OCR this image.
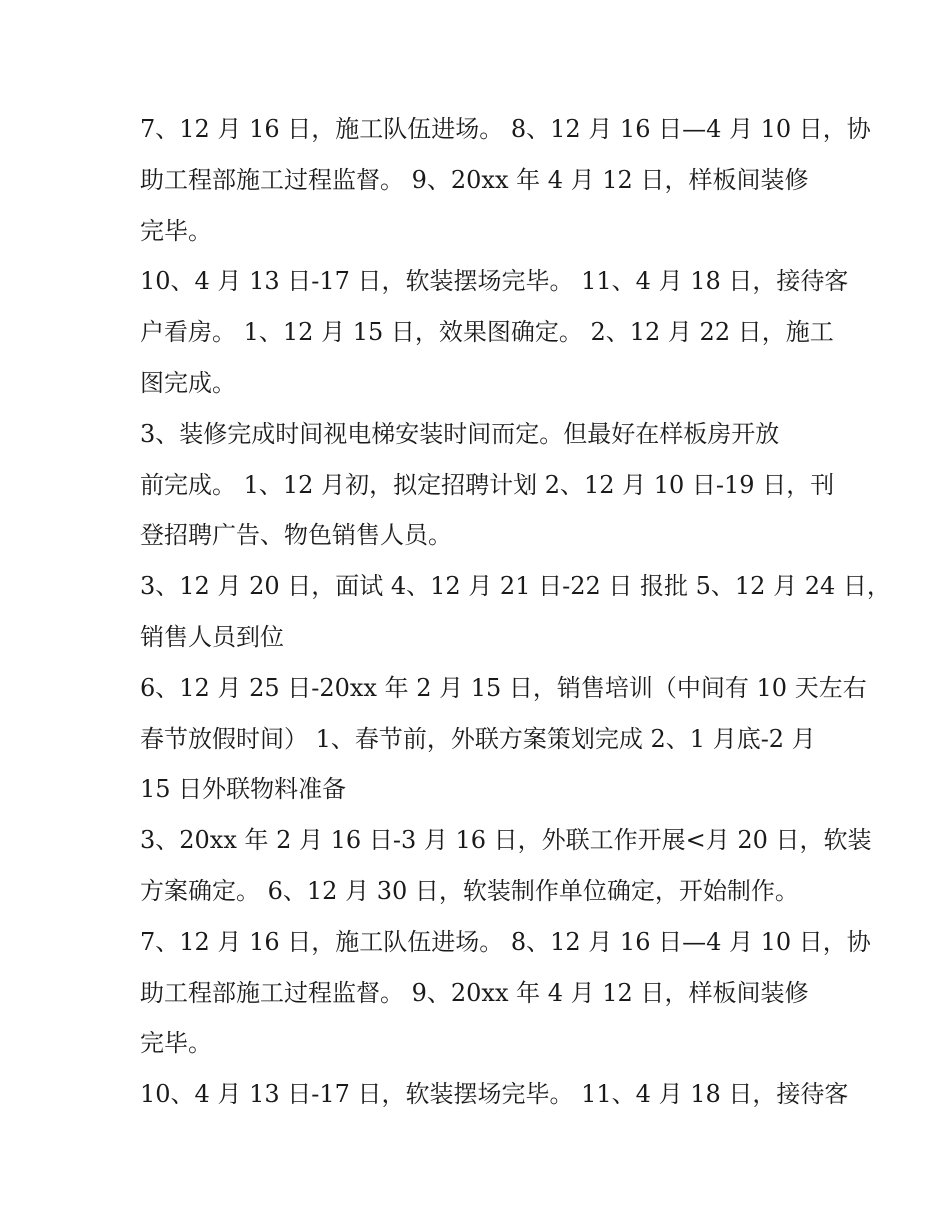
7、12 月 16 日，施工队伍进场。 8、12 月 16 日—4 月 10 日，协
助工程部施工过程监督。 9、20xx 年 4 月 12 日，样板间装修
完毕。
10、4 月 13 日-17 日，软装摆场完毕。 11、4 月 18 日，接待客
户看房。 1、12 月 15 日，效果图确定。 2、12 月 22 日，施工
图完成。
3、装修完成时间视电梯安装时间而定。但最好在样板房开放
前完成。 1、12 月初，拟定招聘计划 2、12 月 10 日-19 日，刊
登招聘广告、物色销售人员。
3、12 月 20 日，面试 4、12 月 21 日-22 日 报批 5、12 月 24 日，
销售人员到位
6、12 月 25 日-20xx 年 2 月 15 日，销售培训（中间有 10 天左右
春节放假时间） 1、春节前，外联方案策划完成 2、1 月底-2 月
15 日外联物料准备
3、20xx 年 2 月 16 日-3 月 16 日，外联工作开展<月 20 日，软装
方案确定。 6、12 月 30 日，软装制作单位确定，开始制作。
7、12 月 16 日，施工队伍进场。 8、12 月 16 日—4 月 10 日，协
助工程部施工过程监督。 9、20xx 年 4 月 12 日，样板间装修
完毕。
10、4 月 13 日-17 日，软装摆场完毕。 11、4 月 18 日，接待客
